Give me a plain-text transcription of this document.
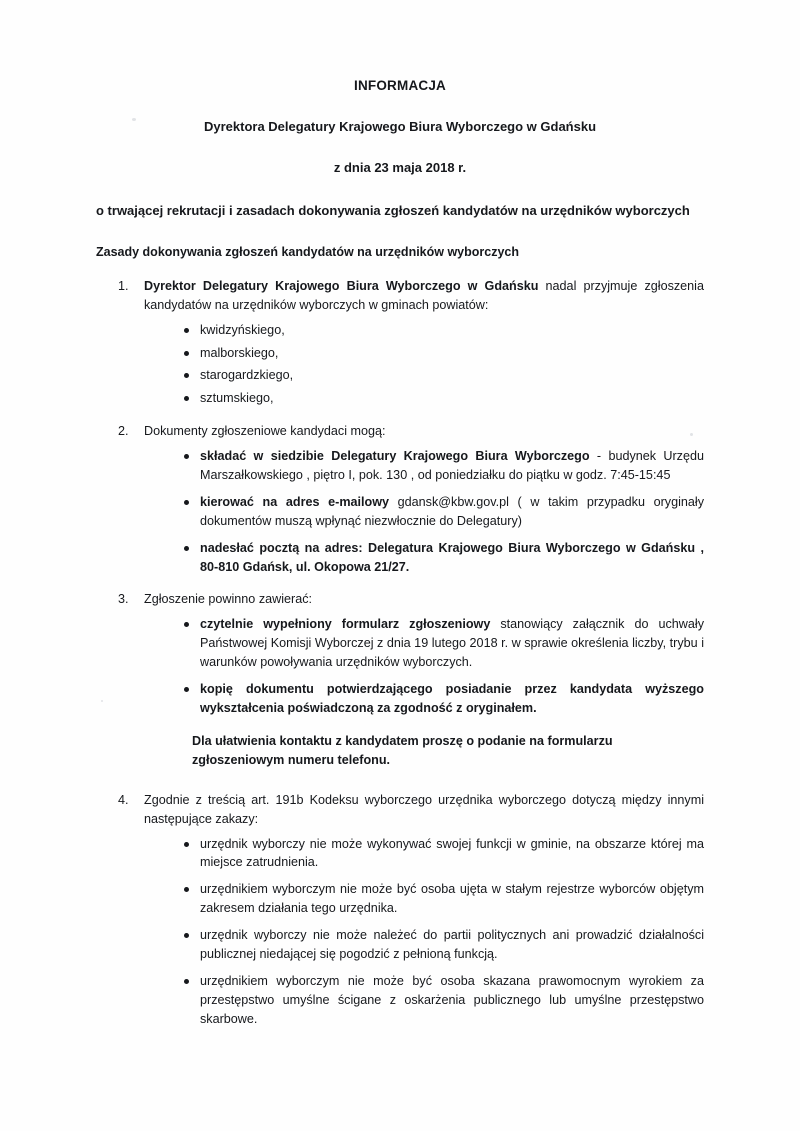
INFORMACJA
Dyrektora Delegatury Krajowego Biura Wyborczego w Gdańsku
z dnia 23 maja 2018 r.

o trwającej rekrutacji i zasadach dokonywania zgłoszeń kandydatów na urzędników wyborczych

Zasady dokonywania zgłoszeń kandydatów na urzędników wyborczych

Dyrektor Delegatury Krajowego Biura Wyborczego w Gdańsku nadal przyjmuje zgłoszenia kandydatów na urzędników wyborczych w gminach powiatów:
kwidzyńskiego,
malborskiego,
starogardzkiego,
sztumskiego,
Dokumenty zgłoszeniowe kandydaci mogą:
składać w siedzibie Delegatury Krajowego Biura Wyborczego - budynek Urzędu Marszałkowskiego , piętro I, pok. 130 , od poniedziałku do piątku w godz. 7:45-15:45
kierować na adres e-mailowy gdansk@kbw.gov.pl ( w takim przypadku oryginały dokumentów muszą wpłynąć niezwłocznie do Delegatury)
nadesłać pocztą na adres: Delegatura Krajowego Biura Wyborczego w Gdańsku , 80-810 Gdańsk, ul. Okopowa 21/27.
Zgłoszenie powinno zawierać:
czytelnie wypełniony formularz zgłoszeniowy stanowiący załącznik do uchwały Państwowej Komisji Wyborczej z dnia 19 lutego 2018 r. w sprawie określenia liczby, trybu i warunków powoływania urzędników wyborczych.
kopię dokumentu potwierdzającego posiadanie przez kandydata wyższego wykształcenia poświadczoną za zgodność z oryginałem.

Dla ułatwienia kontaktu z kandydatem proszę o podanie na formularzu zgłoszeniowym numeru telefonu.

Zgodnie z treścią art. 191b Kodeksu wyborczego urzędnika wyborczego dotyczą między innymi następujące zakazy:
urzędnik wyborczy nie może wykonywać swojej funkcji w gminie, na obszarze której ma miejsce zatrudnienia.
urzędnikiem wyborczym nie może być osoba ujęta w stałym rejestrze wyborców objętym zakresem działania tego urzędnika.
urzędnik wyborczy nie może należeć do partii politycznych ani prowadzić działalności publicznej niedającej się pogodzić z pełnioną funkcją.
urzędnikiem wyborczym nie może być osoba skazana prawomocnym wyrokiem za przestępstwo umyślne ścigane z oskarżenia publicznego lub umyślne przestępstwo skarbowe.
